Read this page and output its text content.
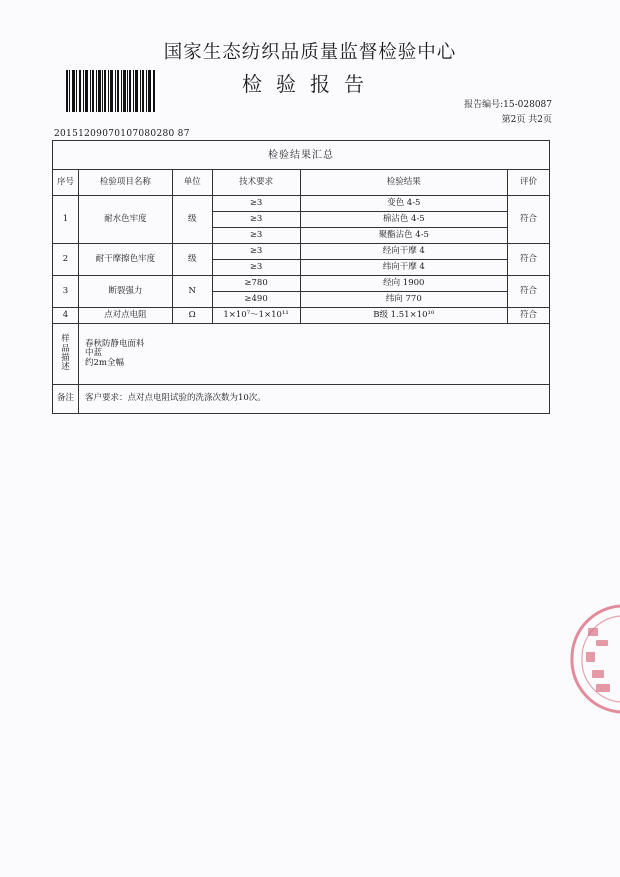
国家生态纺织品质量监督检验中心
检验报告
报告编号:15-028087
第2页 共2页
20151209070107080280 87
检验结果汇总					
序号	检验项目名称	单位	技术要求	检验结果	评价
1	耐水色牢度	级	≥3	变色 4-5	符合
			≥3	棉沾色 4-5	
			≥3	聚酯沾色 4-5	
2	耐干摩擦色牢度	级	≥3	经向干摩 4	符合
			≥3	纬向干摩 4	
3	断裂强力	N	≥780	经向 1900	符合
			≥490	纬向 770	
4	点对点电阻	Ω	1×10⁷～1×10¹¹	B级 1.51×10¹⁰	符合
样品描述	春秋防静电面料
中蓝
约2m全幅				

备注	客户要求：点对点电阻试验的洗涤次数为10次。				
